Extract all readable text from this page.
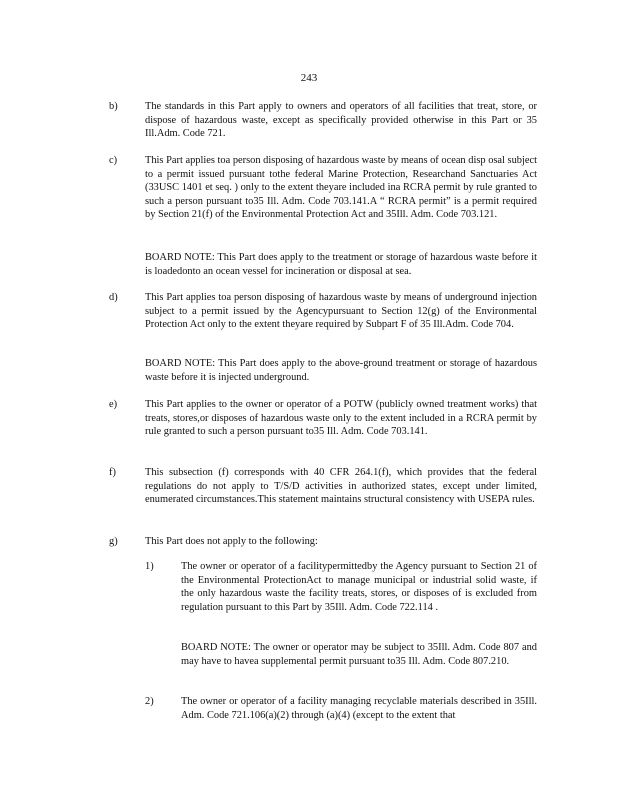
243
b)	The standards in this Part apply to owners and operators of all facilities that treat, store, or dispose of hazardous waste, except as specifically provided otherwise in this Part or 35 Ill.Adm. Code 721.
c)	This Part applies toa person disposing of hazardous waste by means of ocean disp osal subject to a permit issued pursuant tothe federal Marine Protection, Researchand Sanctuaries Act (33USC 1401 et seq. ) only to the extent theyare included ina RCRA permit by rule granted to such a person pursuant to35 Ill. Adm. Code 703.141.A “ RCRA permit” is a permit required by Section 21(f) of the Environmental Protection Act and 35Ill. Adm. Code 703.121.
BOARD NOTE: This Part does apply to the treatment or storage of hazardous waste before it is loadedonto an ocean vessel for incineration or disposal at sea.
d)	This Part applies toa person disposing of hazardous waste by means of underground injection subject to a permit issued by the Agencypursuant to Section 12(g) of the Environmental Protection Act only to the extent theyare required by Subpart F of 35 Ill.Adm. Code 704.
BOARD NOTE: This Part does apply to the above-ground treatment or storage of hazardous waste before it is injected underground.
e)	This Part applies to the owner or operator of a POTW (publicly owned treatment works) that treats, stores,or disposes of hazardous waste only to the extent included in a RCRA permit by rule granted to such a person pursuant to35 Ill. Adm. Code 703.141.
f)	This subsection (f) corresponds with 40 CFR 264.1(f), which provides that the federal regulations do not apply to T/S/D activities in authorized states, except under limited, enumerated circumstances.This statement maintains structural consistency with USEPA rules.
g)	This Part does not apply to the following:
1)	The owner or operator of a facilitypermittedby the Agency pursuant to Section 21 of the Environmental ProtectionAct to manage municipal or industrial solid waste, if the only hazardous waste the facility treats, stores, or disposes of is excluded from regulation pursuant to this Part by 35Ill. Adm. Code 722.114 .
BOARD NOTE: The owner or operator may be subject to 35Ill. Adm. Code 807 and may have to havea supplemental permit pursuant to35 Ill. Adm. Code 807.210.
2)	The owner or operator of a facility managing recyclable materials described in 35Ill. Adm. Code 721.106(a)(2) through (a)(4) (except to the extent that
